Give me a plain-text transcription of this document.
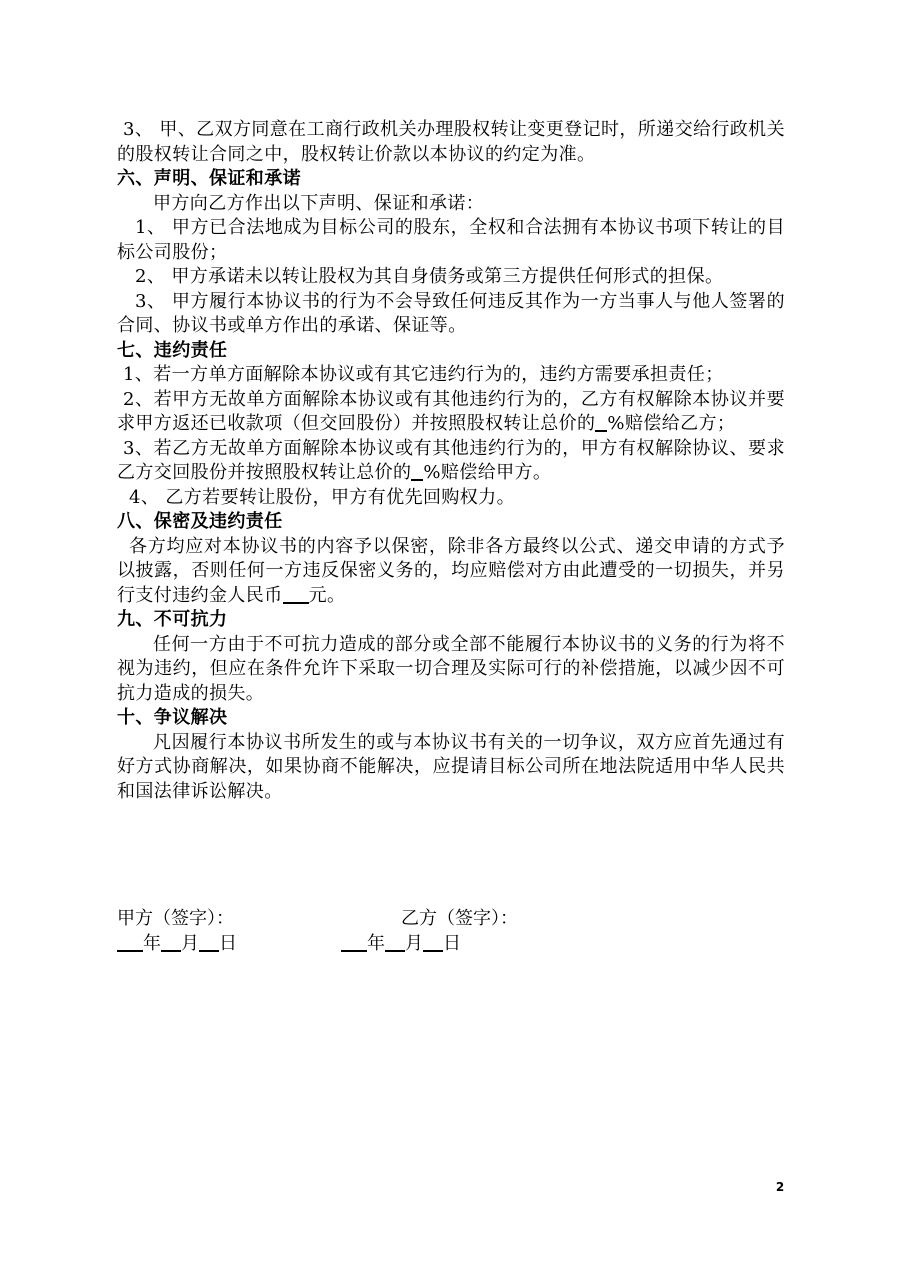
3、 甲、乙双方同意在工商行政机关办理股权转让变更登记时，所递交给行政机关的股权转让合同之中，股权转让价款以本协议的约定为准。

六、声明、保证和承诺

甲方向乙方作出以下声明、保证和承诺：

1、 甲方已合法地成为目标公司的股东，全权和合法拥有本协议书项下转让的目标公司股份；

2、 甲方承诺未以转让股权为其自身债务或第三方提供任何形式的担保。

3、 甲方履行本协议书的行为不会导致任何违反其作为一方当事人与他人签署的合同、协议书或单方作出的承诺、保证等。

七、违约责任

1、若一方单方面解除本协议或有其它违约行为的，违约方需要承担责任；

2、若甲方无故单方面解除本协议或有其他违约行为的，乙方有权解除本协议并要求甲方返还已收款项（但交回股份）并按照股权转让总价的 %赔偿给乙方；

3、若乙方无故单方面解除本协议或有其他违约行为的，甲方有权解除协议、要求乙方交回股份并按照股权转让总价的 %赔偿给甲方。

4、 乙方若要转让股份，甲方有优先回购权力。

八、保密及违约责任

各方均应对本协议书的内容予以保密，除非各方最终以公式、递交申请的方式予以披露，否则任何一方违反保密义务的，均应赔偿对方由此遭受的一切损失，并另行支付违约金人民币 元。

九、不可抗力

任何一方由于不可抗力造成的部分或全部不能履行本协议书的义务的行为将不视为违约，但应在条件允许下采取一切合理及实际可行的补偿措施，以减少因不可抗力造成的损失。

十、争议解决

凡因履行本协议书所发生的或与本协议书有关的一切争议，双方应首先通过有好方式协商解决，如果协商不能解决，应提请目标公司所在地法院适用中华人民共和国法律诉讼解决。

甲方（签字）：	乙方（签字）：
年 月 日	年 月 日
2
